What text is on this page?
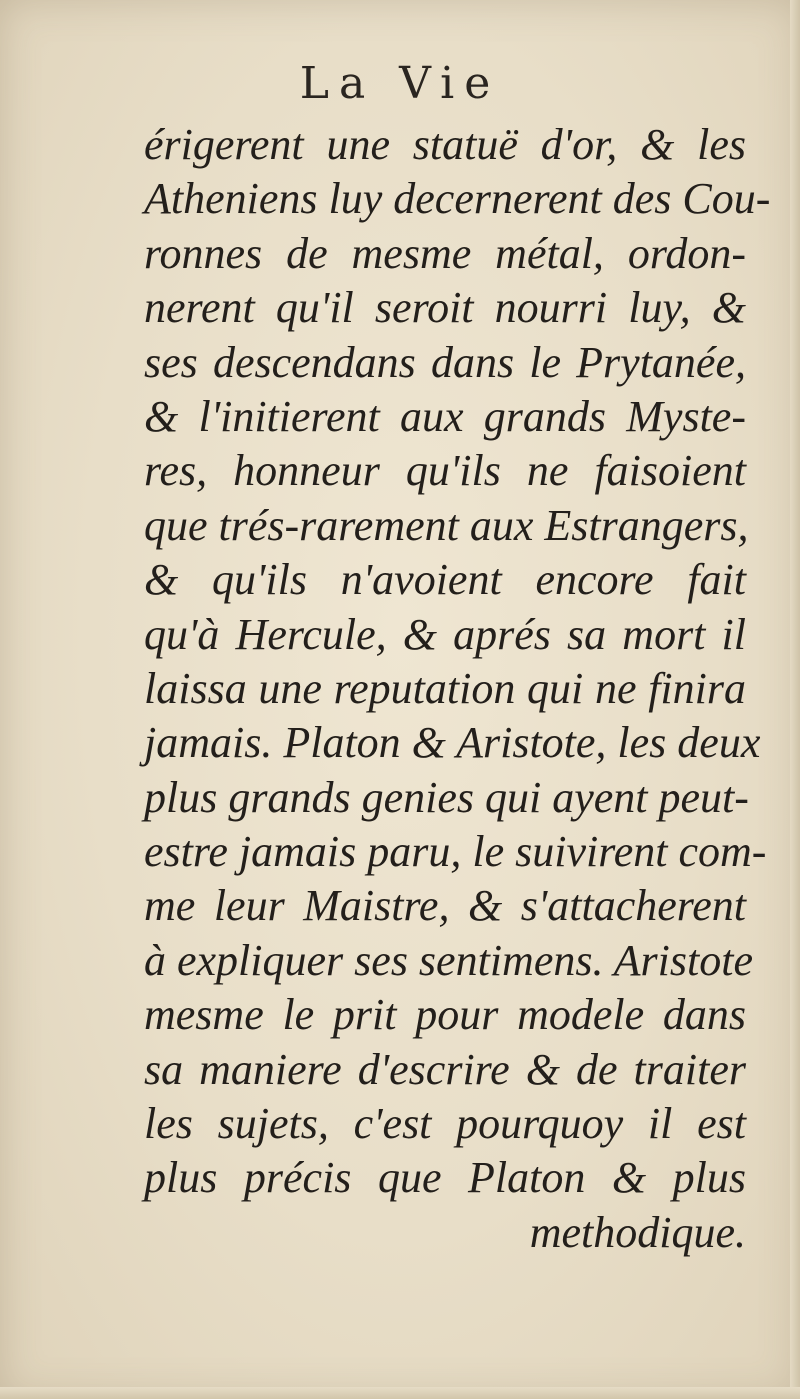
La Vie
érigerent une statuë d'or, & les
Atheniens luy decernerent des Cou-
ronnes de mesme métal, ordon-
nerent qu'il seroit nourri luy, &
ses descendans dans le Prytanée,
& l'initierent aux grands Myste-
res, honneur qu'ils ne faisoient
que trés-rarement aux Estrangers,
& qu'ils n'avoient encore fait
qu'à Hercule, & aprés sa mort il
laissa une reputation qui ne finira
jamais. Platon & Aristote, les deux
plus grands genies qui ayent peut-
estre jamais paru, le suivirent com-
me leur Maistre, & s'attacherent
à expliquer ses sentimens. Aristote
mesme le prit pour modele dans
sa maniere d'escrire & de traiter
les sujets, c'est pourquoy il est
plus précis que Platon & plus
methodique.
